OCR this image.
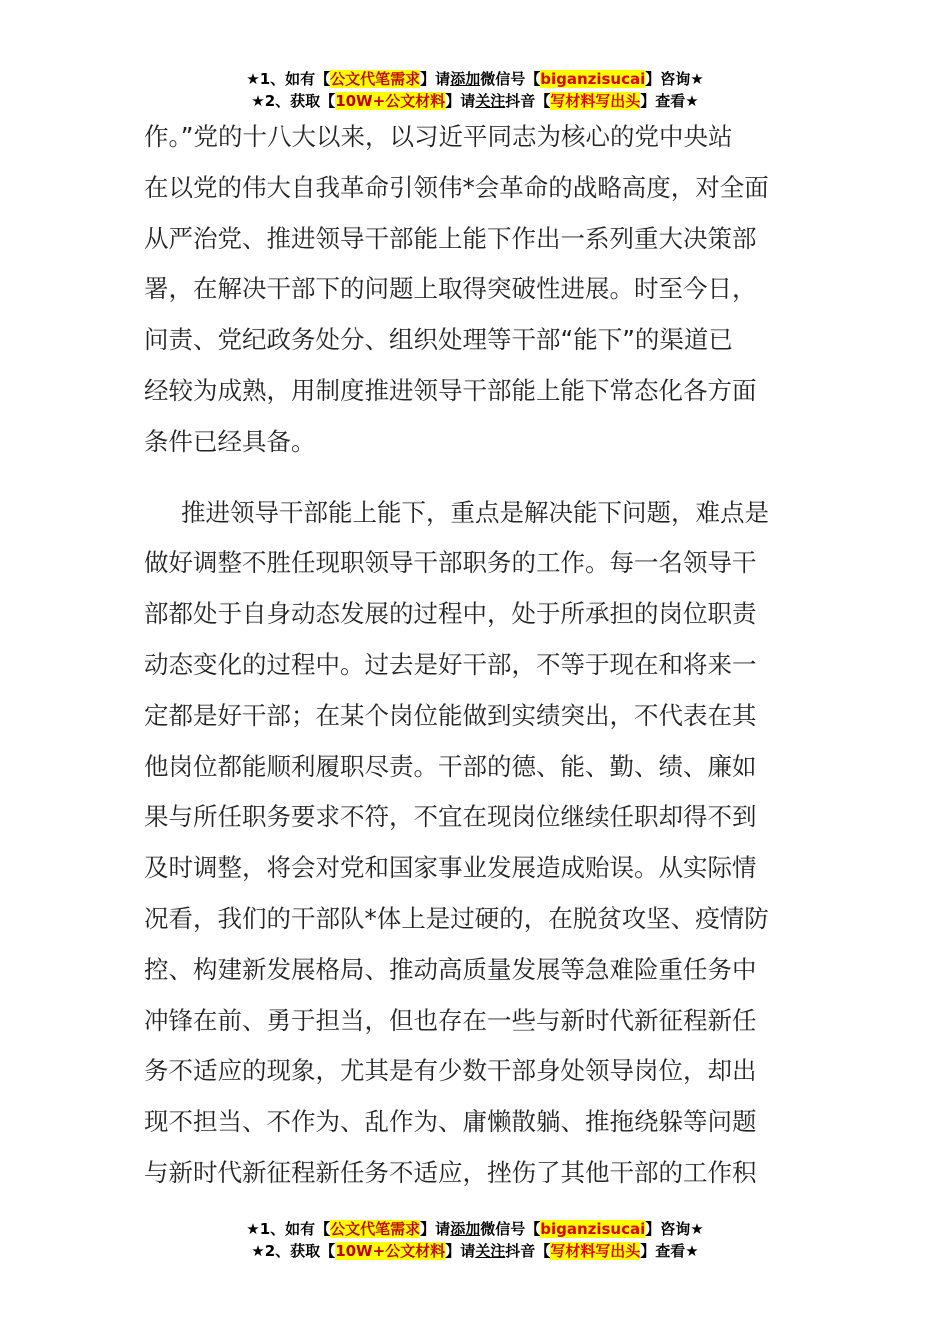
★1、如有【公文代笔需求】请添加微信号【biganzisucai】咨询★
★2、获取【10W+公文材料】请关注抖音【写材料写出头】查看★
作。”党的十八大以来，以习近平同志为核心的党中央站
在以党的伟大自我革命引领伟*会革命的战略高度，对全面
从严治党、推进领导干部能上能下作出一系列重大决策部
署，在解决干部下的问题上取得突破性进展。时至今日，
问责、党纪政务处分、组织处理等干部“能下”的渠道已
经较为成熟，用制度推进领导干部能上能下常态化各方面
条件已经具备。
推进领导干部能上能下，重点是解决能下问题，难点是
做好调整不胜任现职领导干部职务的工作。每一名领导干
部都处于自身动态发展的过程中，处于所承担的岗位职责
动态变化的过程中。过去是好干部，不等于现在和将来一
定都是好干部；在某个岗位能做到实绩突出，不代表在其
他岗位都能顺利履职尽责。干部的德、能、勤、绩、廉如
果与所任职务要求不符，不宜在现岗位继续任职却得不到
及时调整，将会对党和国家事业发展造成贻误。从实际情
况看，我们的干部队*体上是过硬的，在脱贫攻坚、疫情防
控、构建新发展格局、推动高质量发展等急难险重任务中
冲锋在前、勇于担当，但也存在一些与新时代新征程新任
务不适应的现象，尤其是有少数干部身处领导岗位，却出
现不担当、不作为、乱作为、庸懒散躺、推拖绕躲等问题
与新时代新征程新任务不适应，挫伤了其他干部的工作积
★1、如有【公文代笔需求】请添加微信号【biganzisucai】咨询★
★2、获取【10W+公文材料】请关注抖音【写材料写出头】查看★
